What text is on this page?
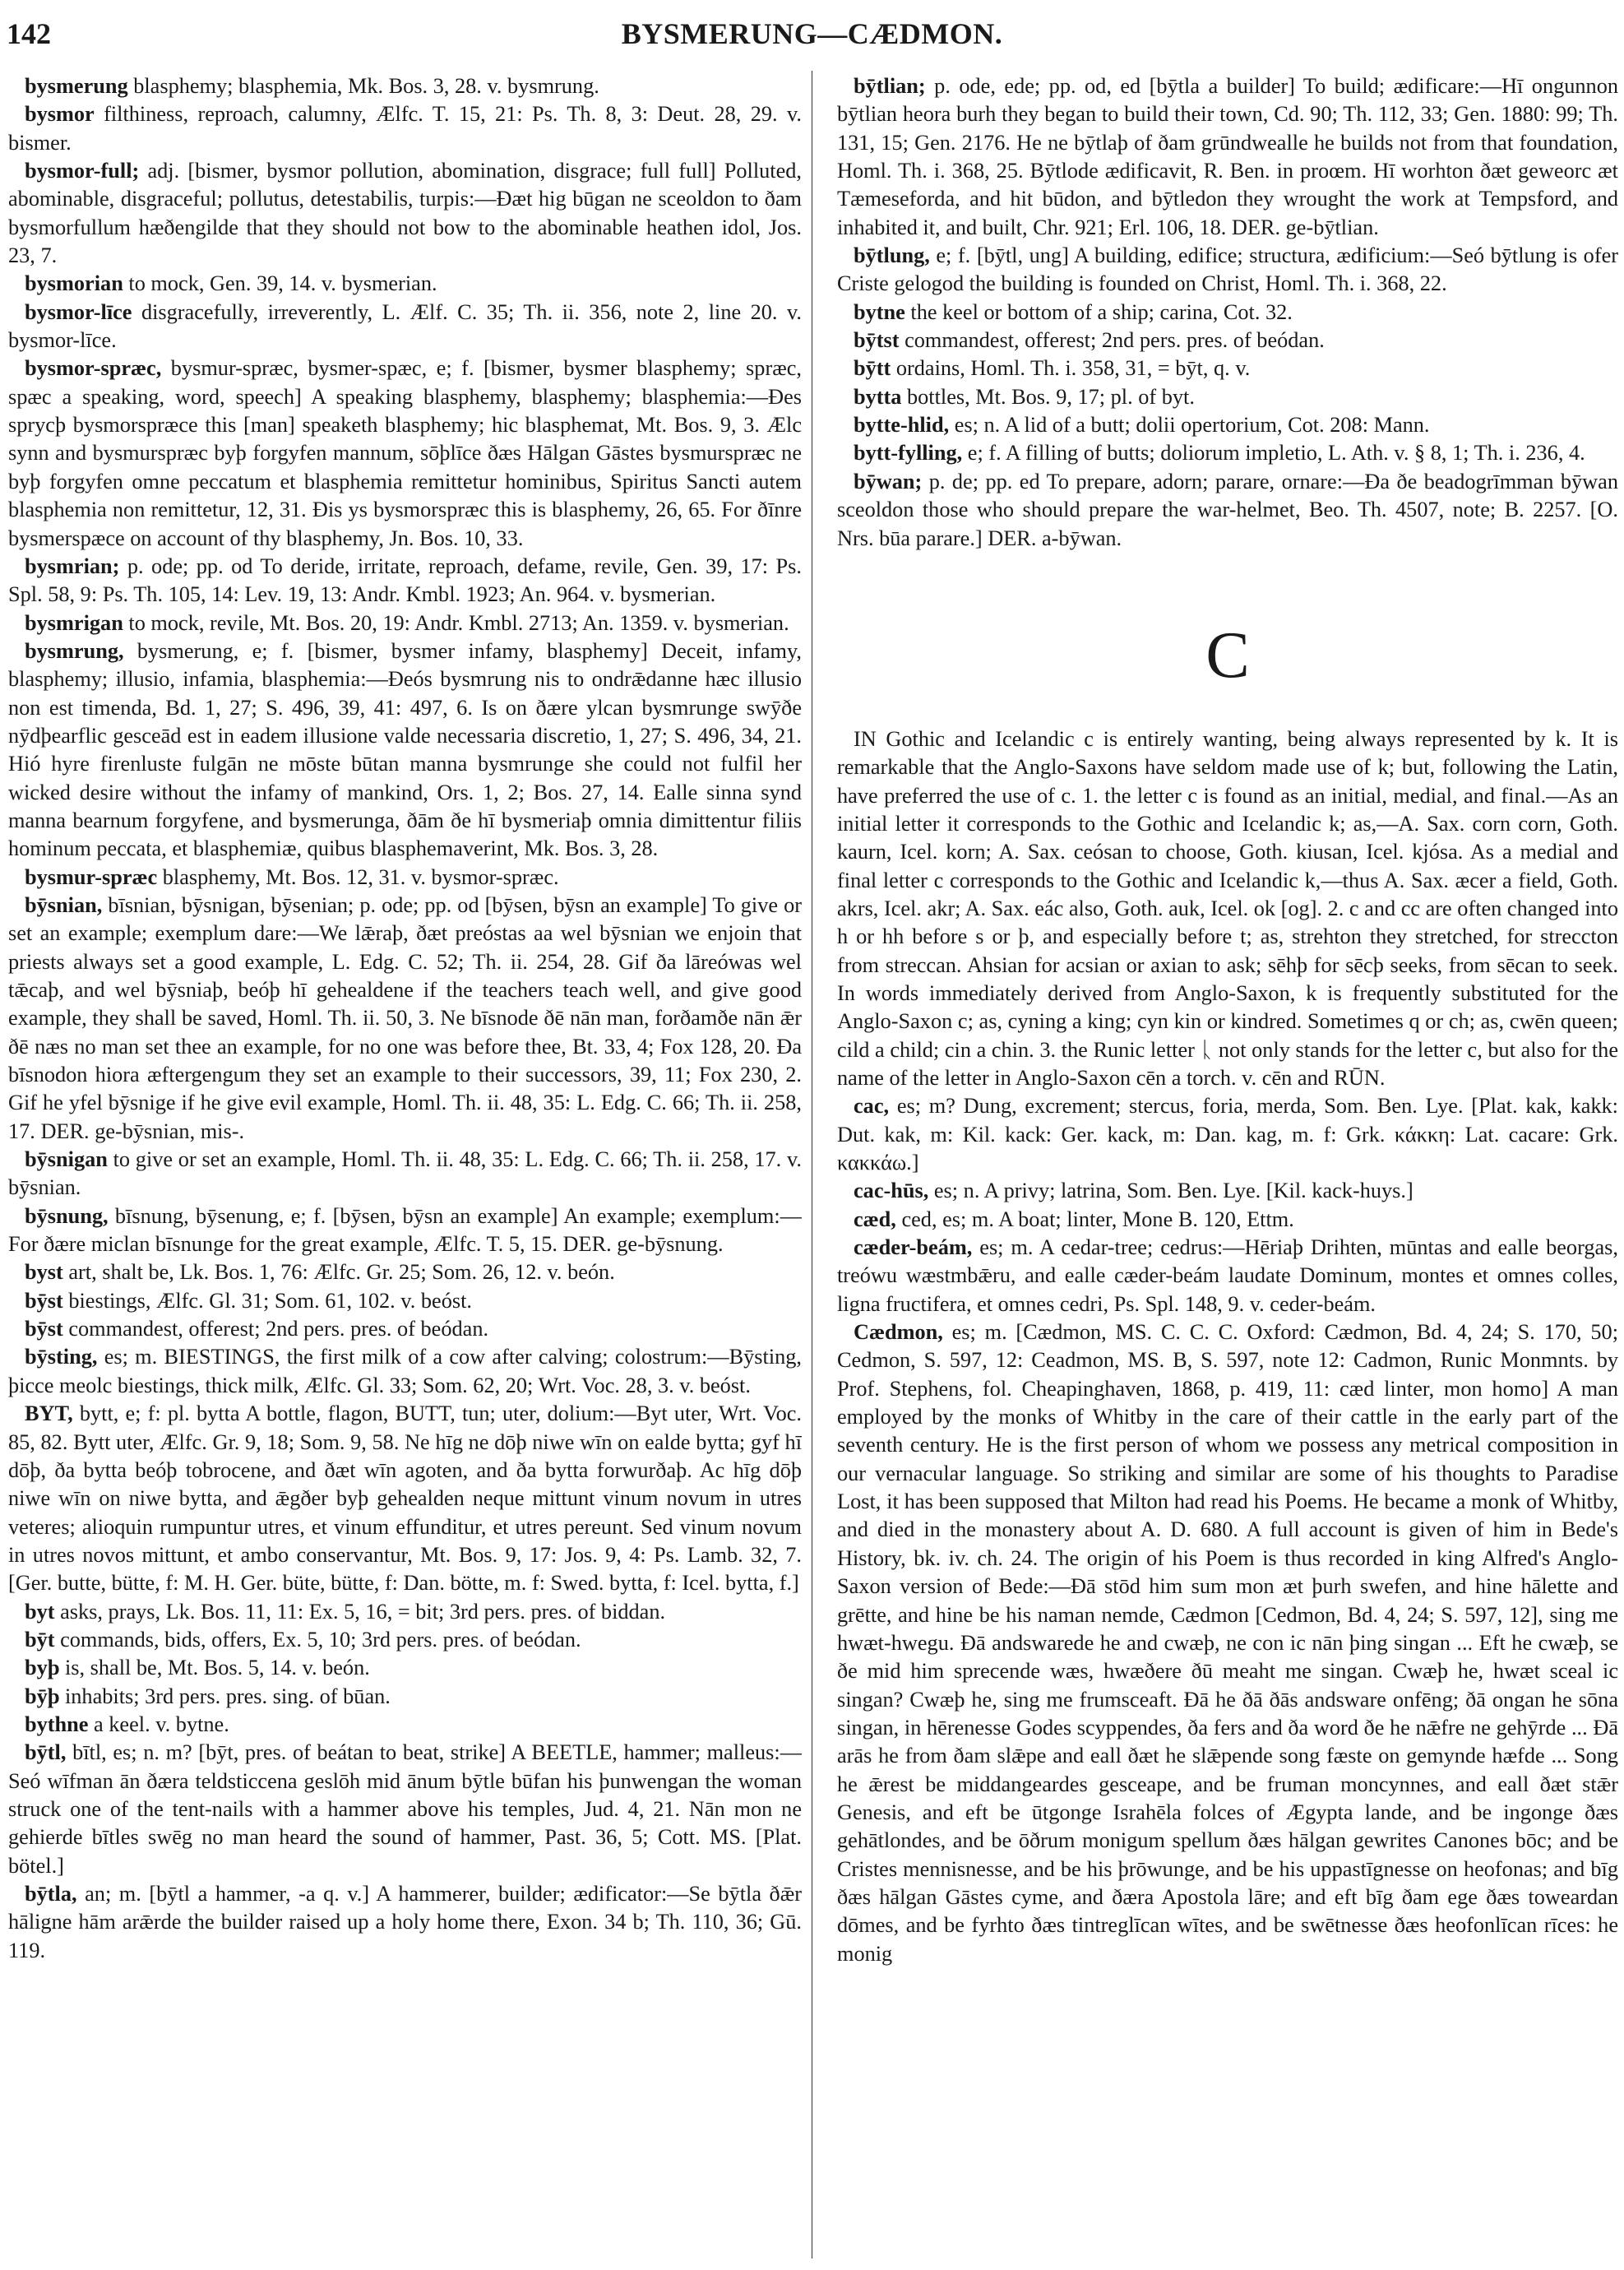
142	BYSMERUNG—CÆDMON.

bysmerung blasphemy; blasphemia, Mk. Bos. 3, 28. v. bysmrung.

bysmor filthiness, reproach, calumny, Ælfc. T. 15, 21: Ps. Th. 8, 3: Deut. 28, 29. v. bismer.

bysmor-full; adj. [bismer, bysmor pollution, abomination, disgrace; full full] Polluted, abominable, disgraceful; pollutus, detestabilis, turpis:—Ðæt hig būgan ne sceoldon to ðam bysmorfullum hæðengilde that they should not bow to the abominable heathen idol, Jos. 23, 7.

bysmorian to mock, Gen. 39, 14. v. bysmerian.

bysmor-līce disgracefully, irreverently, L. Ælf. C. 35; Th. ii. 356, note 2, line 20. v. bysmor-līce.

bysmor-spræc, bysmur-spræc, bysmer-spæc, e; f. [bismer, bysmer blasphemy; spræc, spæc a speaking, word, speech] A speaking blasphemy, blasphemy; blasphemia:—Ðes sprycþ bysmorspræce this [man] speaketh blasphemy; hic blasphemat, Mt. Bos. 9, 3. Ælc synn and bysmurspræc byþ forgyfen mannum, sōþlīce ðæs Hālgan Gāstes bysmurspræc ne byþ forgyfen omne peccatum et blasphemia remittetur hominibus, Spiritus Sancti autem blasphemia non remittetur, 12, 31. Ðis ys bysmorspræc this is blasphemy, 26, 65. For ðīnre bysmerspæce on account of thy blasphemy, Jn. Bos. 10, 33.

bysmrian; p. ode; pp. od To deride, irritate, reproach, defame, revile, Gen. 39, 17: Ps. Spl. 58, 9: Ps. Th. 105, 14: Lev. 19, 13: Andr. Kmbl. 1923; An. 964. v. bysmerian.

bysmrigan to mock, revile, Mt. Bos. 20, 19: Andr. Kmbl. 2713; An. 1359. v. bysmerian.

bysmrung, bysmerung, e; f. [bismer, bysmer infamy, blasphemy] Deceit, infamy, blasphemy; illusio, infamia, blasphemia:—Ðeós bysmrung nis to ondrǣdanne hæc illusio non est timenda, Bd. 1, 27; S. 496, 39, 41: 497, 6. Is on ðære ylcan bysmrunge swȳðe nȳdþearflic gesceād est in eadem illusione valde necessaria discretio, 1, 27; S. 496, 34, 21. Hió hyre firenluste fulgān ne mōste būtan manna bysmrunge she could not fulfil her wicked desire without the infamy of mankind, Ors. 1, 2; Bos. 27, 14. Ealle sinna synd manna bearnum forgyfene, and bysmerunga, ðām ðe hī bysmeriaþ omnia dimittentur filiis hominum peccata, et blasphemiæ, quibus blasphemaverint, Mk. Bos. 3, 28.

bysmur-spræc blasphemy, Mt. Bos. 12, 31. v. bysmor-spræc.

bȳsnian, bīsnian, bȳsnigan, bȳsenian; p. ode; pp. od [bȳsen, bȳsn an example] To give or set an example; exemplum dare:—We lǣraþ, ðæt preóstas aa wel bȳsnian we enjoin that priests always set a good example, L. Edg. C. 52; Th. ii. 254, 28. Gif ða lāreówas wel tǣcaþ, and wel bȳsniaþ, beóþ hī gehealdene if the teachers teach well, and give good example, they shall be saved, Homl. Th. ii. 50, 3. Ne bīsnode ðē nān man, forðamðe nān ǣr ðē næs no man set thee an example, for no one was before thee, Bt. 33, 4; Fox 128, 20. Ða bīsnodon hiora æftergengum they set an example to their successors, 39, 11; Fox 230, 2. Gif he yfel bȳsnige if he give evil example, Homl. Th. ii. 48, 35: L. Edg. C. 66; Th. ii. 258, 17. DER. ge-bȳsnian, mis-.

bȳsnigan to give or set an example, Homl. Th. ii. 48, 35: L. Edg. C. 66; Th. ii. 258, 17. v. bȳsnian.

bȳsnung, bīsnung, bȳsenung, e; f. [bȳsen, bȳsn an example] An example; exemplum:—For ðære miclan bīsnunge for the great example, Ælfc. T. 5, 15. DER. ge-bȳsnung.

byst art, shalt be, Lk. Bos. 1, 76: Ælfc. Gr. 25; Som. 26, 12. v. beón.

bȳst biestings, Ælfc. Gl. 31; Som. 61, 102. v. beóst.

bȳst commandest, offerest; 2nd pers. pres. of beódan.

bȳsting, es; m. BIESTINGS, the first milk of a cow after calving; colostrum:—Bȳsting, þicce meolc biestings, thick milk, Ælfc. Gl. 33; Som. 62, 20; Wrt. Voc. 28, 3. v. beóst.

BYT, bytt, e; f: pl. bytta A bottle, flagon, BUTT, tun; uter, dolium:—Byt uter, Wrt. Voc. 85, 82. Bytt uter, Ælfc. Gr. 9, 18; Som. 9, 58. Ne hīg ne dōþ niwe wīn on ealde bytta; gyf hī dōþ, ða bytta beóþ tobrocene, and ðæt wīn agoten, and ða bytta forwurðaþ. Ac hīg dōþ niwe wīn on niwe bytta, and ǣgðer byþ gehealden neque mittunt vinum novum in utres veteres; alioquin rumpuntur utres, et vinum effunditur, et utres pereunt. Sed vinum novum in utres novos mittunt, et ambo conservantur, Mt. Bos. 9, 17: Jos. 9, 4: Ps. Lamb. 32, 7. [Ger. butte, bütte, f: M. H. Ger. büte, bütte, f: Dan. bötte, m. f: Swed. bytta, f: Icel. bytta, f.]

byt asks, prays, Lk. Bos. 11, 11: Ex. 5, 16, = bit; 3rd pers. pres. of biddan.

bȳt commands, bids, offers, Ex. 5, 10; 3rd pers. pres. of beódan.

byþ is, shall be, Mt. Bos. 5, 14. v. beón.

bȳþ inhabits; 3rd pers. pres. sing. of būan.

bythne a keel. v. bytne.

bȳtl, bītl, es; n. m? [bȳt, pres. of beátan to beat, strike] A BEETLE, hammer; malleus:—Seó wīfman ān ðæra teldsticcena geslōh mid ānum bȳtle būfan his þunwengan the woman struck one of the tent-nails with a hammer above his temples, Jud. 4, 21. Nān mon ne gehierde bītles swēg no man heard the sound of hammer, Past. 36, 5; Cott. MS. [Plat. bötel.]

bȳtla, an; m. [bȳtl a hammer, -a q. v.] A hammerer, builder; ædificator:—Se bȳtla ðǣr hāligne hām arǣrde the builder raised up a holy home there, Exon. 34 b; Th. 110, 36; Gū. 119.

bȳtlian; p. ode, ede; pp. od, ed [bȳtla a builder] To build; ædificare:—Hī ongunnon bȳtlian heora burh they began to build their town, Cd. 90; Th. 112, 33; Gen. 1880: 99; Th. 131, 15; Gen. 2176. He ne bȳtlaþ of ðam grūndwealle he builds not from that foundation, Homl. Th. i. 368, 25. Bȳtlode ædificavit, R. Ben. in proœm. Hī worhton ðæt geweorc æt Tæmeseforda, and hit būdon, and bȳtledon they wrought the work at Tempsford, and inhabited it, and built, Chr. 921; Erl. 106, 18. DER. ge-bȳtlian.

bȳtlung, e; f. [bȳtl, ung] A building, edifice; structura, ædificium:—Seó bȳtlung is ofer Criste gelogod the building is founded on Christ, Homl. Th. i. 368, 22.

bytne the keel or bottom of a ship; carina, Cot. 32.

bȳtst commandest, offerest; 2nd pers. pres. of beódan.

bȳtt ordains, Homl. Th. i. 358, 31, = bȳt, q. v.

bytta bottles, Mt. Bos. 9, 17; pl. of byt.

bytte-hlid, es; n. A lid of a butt; dolii opertorium, Cot. 208: Mann.

bytt-fylling, e; f. A filling of butts; doliorum impletio, L. Ath. v. § 8, 1; Th. i. 236, 4.

bȳwan; p. de; pp. ed To prepare, adorn; parare, ornare:—Ða ðe beadogrīmman bȳwan sceoldon those who should prepare the war-helmet, Beo. Th. 4507, note; B. 2257. [O. Nrs. būa parare.] DER. a-bȳwan.

C

IN Gothic and Icelandic c is entirely wanting, being always represented by k. It is remarkable that the Anglo-Saxons have seldom made use of k; but, following the Latin, have preferred the use of c. 1. the letter c is found as an initial, medial, and final.—As an initial letter it corresponds to the Gothic and Icelandic k; as,—A. Sax. corn corn, Goth. kaurn, Icel. korn; A. Sax. ceósan to choose, Goth. kiusan, Icel. kjósa. As a medial and final letter c corresponds to the Gothic and Icelandic k,—thus A. Sax. æcer a field, Goth. akrs, Icel. akr; A. Sax. eác also, Goth. auk, Icel. ok [og]. 2. c and cc are often changed into h or hh before s or þ, and especially before t; as, strehton they stretched, for streccton from streccan. Ahsian for acsian or axian to ask; sēhþ for sēcþ seeks, from sēcan to seek. In words immediately derived from Anglo-Saxon, k is frequently substituted for the Anglo-Saxon c; as, cyning a king; cyn kin or kindred. Sometimes q or ch; as, cwēn queen; cild a child; cin a chin. 3. the Runic letter ᚳ not only stands for the letter c, but also for the name of the letter in Anglo-Saxon cēn a torch. v. cēn and RŪN.

cac, es; m? Dung, excrement; stercus, foria, merda, Som. Ben. Lye. [Plat. kak, kakk: Dut. kak, m: Kil. kack: Ger. kack, m: Dan. kag, m. f: Grk. κάκκη: Lat. cacare: Grk. κακκάω.]

cac-hūs, es; n. A privy; latrina, Som. Ben. Lye. [Kil. kack-huys.]

cæd, ced, es; m. A boat; linter, Mone B. 120, Ettm.

cæder-beám, es; m. A cedar-tree; cedrus:—Hēriaþ Drihten, mūntas and ealle beorgas, treówu wæstmbǣru, and ealle cæder-beám laudate Dominum, montes et omnes colles, ligna fructifera, et omnes cedri, Ps. Spl. 148, 9. v. ceder-beám.

Cædmon, es; m. [Cædmon, MS. C. C. C. Oxford: Cædmon, Bd. 4, 24; S. 170, 50; Cedmon, S. 597, 12: Ceadmon, MS. B, S. 597, note 12: Cadmon, Runic Monmnts. by Prof. Stephens, fol. Cheapinghaven, 1868, p. 419, 11: cæd linter, mon homo] A man employed by the monks of Whitby in the care of their cattle in the early part of the seventh century. He is the first person of whom we possess any metrical composition in our vernacular language. So striking and similar are some of his thoughts to Paradise Lost, it has been supposed that Milton had read his Poems. He became a monk of Whitby, and died in the monastery about A. D. 680. A full account is given of him in Bede's History, bk. iv. ch. 24. The origin of his Poem is thus recorded in king Alfred's Anglo-Saxon version of Bede:—Ðā stōd him sum mon æt þurh swefen, and hine hālette and grētte, and hine be his naman nemde, Cædmon [Cedmon, Bd. 4, 24; S. 597, 12], sing me hwæt-hwegu. Ðā andswarede he and cwæþ, ne con ic nān þing singan ... Eft he cwæþ, se ðe mid him sprecende wæs, hwæðere ðū meaht me singan. Cwæþ he, hwæt sceal ic singan? Cwæþ he, sing me frumsceaft. Ðā he ðā ðās andsware onfēng; ðā ongan he sōna singan, in hērenesse Godes scyppendes, ða fers and ða word ðe he nǣfre ne gehȳrde ... Ðā arās he from ðam slǣpe and eall ðæt he slǣpende song fæste on gemynde hæfde ... Song he ǣrest be middangeardes gesceape, and be fruman moncynnes, and eall ðæt stǣr Genesis, and eft be ūtgonge Israhēla folces of Ægypta lande, and be ingonge ðæs gehātlondes, and be ōðrum monigum spellum ðæs hālgan gewrites Canones bōc; and be Cristes mennisnesse, and be his þrōwunge, and be his uppastīgnesse on heofonas; and bīg ðæs hālgan Gāstes cyme, and ðæra Apostola lāre; and eft bīg ðam ege ðæs toweardan dōmes, and be fyrhto ðæs tintreglīcan wītes, and be swētnesse ðæs heofonlīcan rīces: he monig
